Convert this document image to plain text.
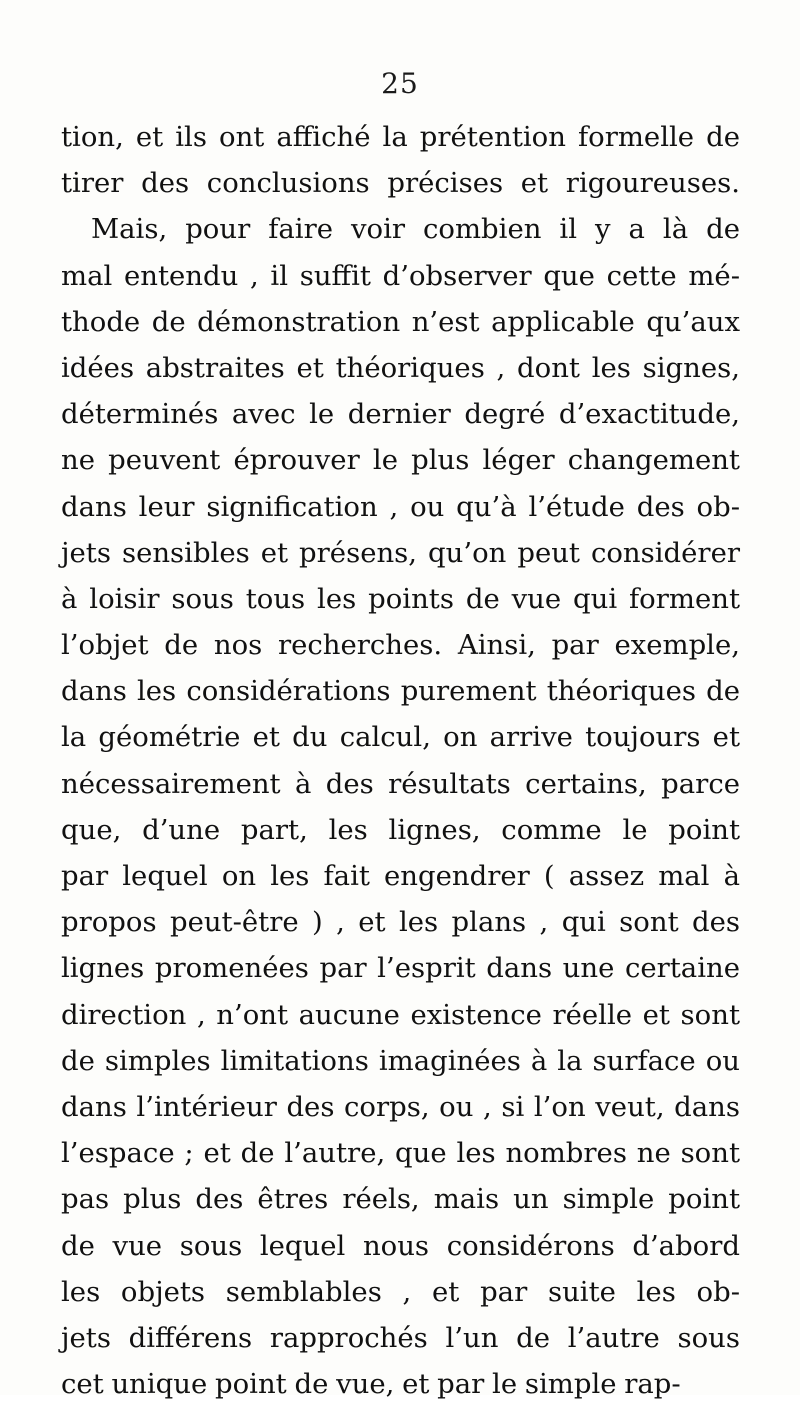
25
tion, et ils ont affiché la prétention formelle de
tirer des conclusions précises et rigoureuses.
Mais, pour faire voir combien il y a là de
mal entendu , il suffit d’observer que cette mé-
thode de démonstration n’est applicable qu’aux
idées abstraites et théoriques , dont les signes,
déterminés avec le dernier degré d’exactitude,
ne peuvent éprouver le plus léger changement
dans leur signification , ou qu’à l’étude des ob-
jets sensibles et présens, qu’on peut considérer
à loisir sous tous les points de vue qui forment
l’objet de nos recherches. Ainsi, par exemple,
dans les considérations purement théoriques de
la géométrie et du calcul, on arrive toujours et
nécessairement à des résultats certains, parce
que, d’une part, les lignes, comme le point
par lequel on les fait engendrer ( assez mal à
propos peut-être ) , et les plans , qui sont des
lignes promenées par l’esprit dans une certaine
direction , n’ont aucune existence réelle et sont
de simples limitations imaginées à la surface ou
dans l’intérieur des corps, ou , si l’on veut, dans
l’espace ; et de l’autre, que les nombres ne sont
pas plus des êtres réels, mais un simple point
de vue sous lequel nous considérons d’abord
les objets semblables , et par suite les ob-
jets différens rapprochés l’un de l’autre sous
cet unique point de vue, et par le simple rap-
